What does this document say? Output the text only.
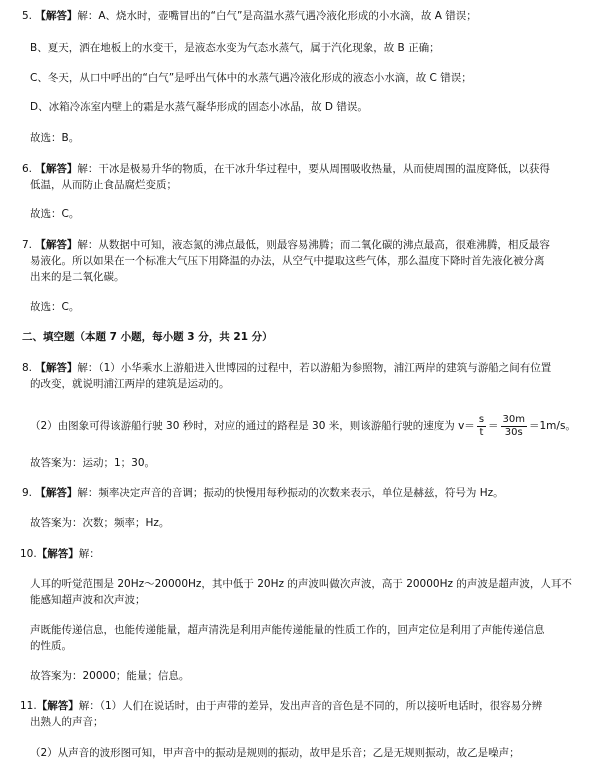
5. 【解答】解：A、烧水时，壶嘴冒出的“白气”是高温水蒸气遇冷液化形成的小水滴，故 A 错误；
B、夏天，洒在地板上的水变干，是液态水变为气态水蒸气，属于汽化现象，故 B 正确；
C、冬天，从口中呼出的“白气”是呼出气体中的水蒸气遇冷液化形成的液态小水滴，故 C 错误；
D、冰箱冷冻室内壁上的霜是水蒸气凝华形成的固态小冰晶，故 D 错误。
故选：B。
6. 【解答】解：干冰是极易升华的物质，在干冰升华过程中，要从周围吸收热量，从而使周围的温度降低，以获得
低温，从而防止食品腐烂变质；
故选：C。
7. 【解答】解：从数据中可知，液态氮的沸点最低，则最容易沸腾；而二氧化碳的沸点最高，很难沸腾，相反最容
易液化。所以如果在一个标准大气压下用降温的办法，从空气中提取这些气体，那么温度下降时首先液化被分离
出来的是二氧化碳。
故选：C。
二、填空题（本题 7 小题，每小题 3 分，共 21 分）
8. 【解答】解：（1）小华乘水上游船进入世博园的过程中，若以游船为参照物，浦江两岸的建筑与游船之间有位置
的改变，就说明浦江两岸的建筑是运动的。
（2）由图象可得该游船行驶 30 秒时，对应的通过的路程是 30 米，则该游船行驶的速度为 $v= \frac{s}{t} = \frac{30m}{30s} =1m/s$。
故答案为：运动；1；30。
9. 【解答】解：频率决定声音的音调；振动的快慢用每秒振动的次数来表示，单位是赫兹，符号为 Hz。
故答案为：次数；频率；Hz。
10.【解答】解：
人耳的听觉范围是 20Hz～20000Hz，其中低于 20Hz 的声波叫做次声波，高于 20000Hz 的声波是超声波，人耳不
能感知超声波和次声波；
声既能传递信息，也能传递能量，超声清洗是利用声能传递能量的性质工作的，回声定位是利用了声能传递信息
的性质。
故答案为：20000；能量；信息。
11.【解答】解：（1）人们在说话时，由于声带的差异，发出声音的音色是不同的，所以接听电话时，很容易分辨
出熟人的声音；
（2）从声音的波形图可知，甲声音中的振动是规则的振动，故甲是乐音；乙是无规则振动，故乙是噪声；
